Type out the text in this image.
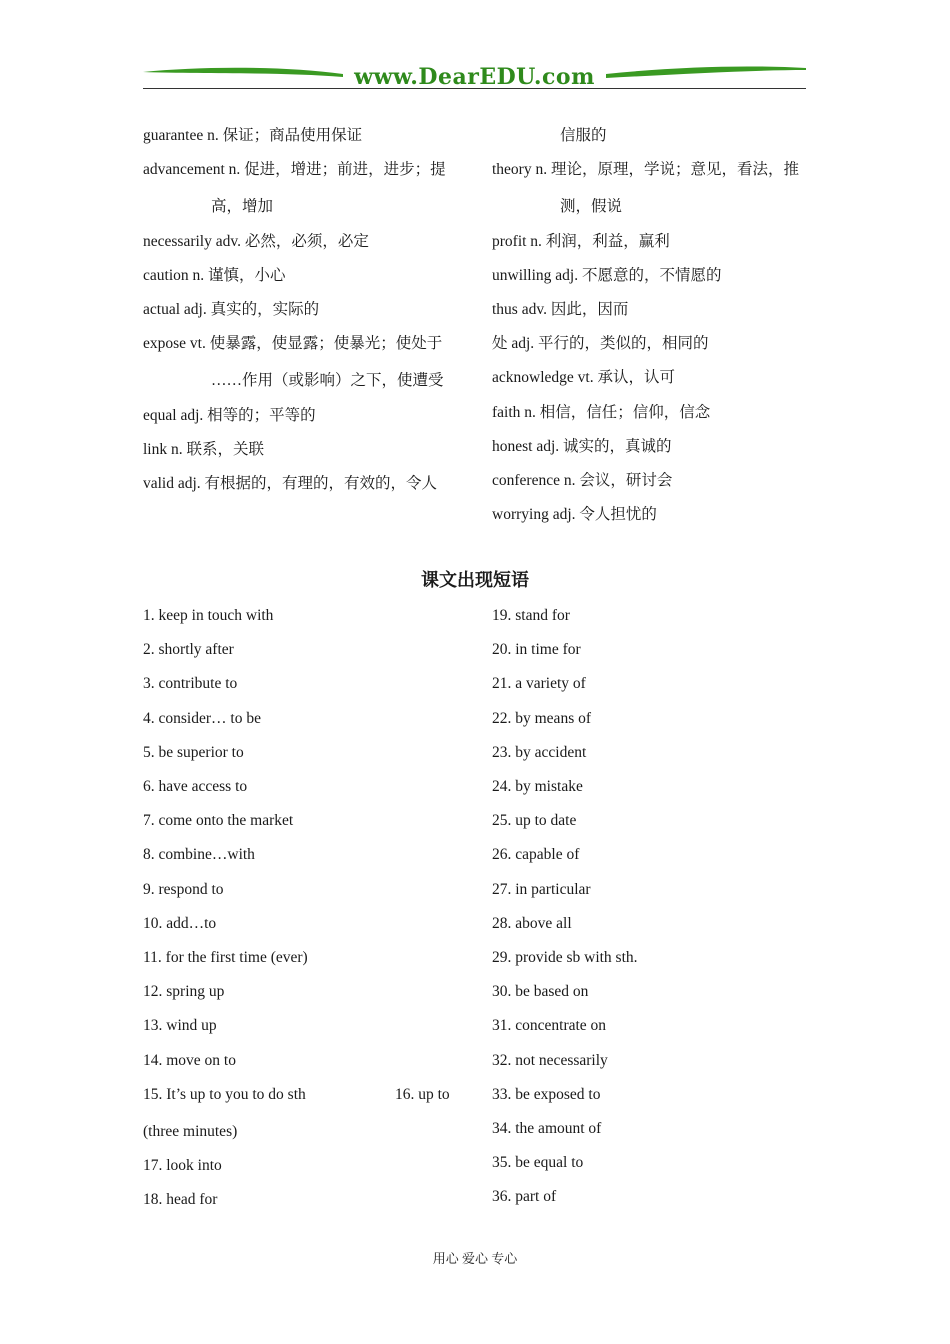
www.DearEDU.com
guarantee n. 保证；商品使用保证
advancement n. 促进，增进；前进，进步；提
高，增加
necessarily adv. 必然，必须，必定
caution n. 谨慎，小心
actual adj. 真实的，实际的
expose vt. 使暴露，使显露；使暴光；使处于
……作用（或影响）之下，使遭受
equal adj. 相等的；平等的
link n. 联系，关联
valid adj. 有根据的，有理的，有效的，令人
信服的
theory n. 理论，原理，学说；意见，看法，推
测，假说
profit n. 利润，利益，赢利
unwilling adj. 不愿意的，不情愿的
thus adv. 因此，因而
处 adj. 平行的，类似的，相同的
acknowledge vt. 承认，认可
faith n. 相信，信任；信仰，信念
honest adj. 诚实的，真诚的
conference n. 会议，研讨会
worrying adj. 令人担忧的
课文出现短语
1. keep in touch with
2. shortly after
3. contribute to
4. consider… to be
5. be superior to
6. have access to
7. come onto the market
8. combine…with
9. respond to
10. add…to
11. for the first time (ever)
12. spring up
13. wind up
14. move on to
15. It’s up to you to do sth	16. up to
(three minutes)
17. look into
18. head for
19. stand for
20. in time for
21. a variety of
22. by means of
23. by accident
24. by mistake
25. up to date
26. capable of
27. in particular
28. above all
29. provide sb with sth.
30. be based on
31. concentrate on
32. not necessarily
33. be exposed to
34. the amount of
35. be equal to
36. part of
用心 爱心 专心
